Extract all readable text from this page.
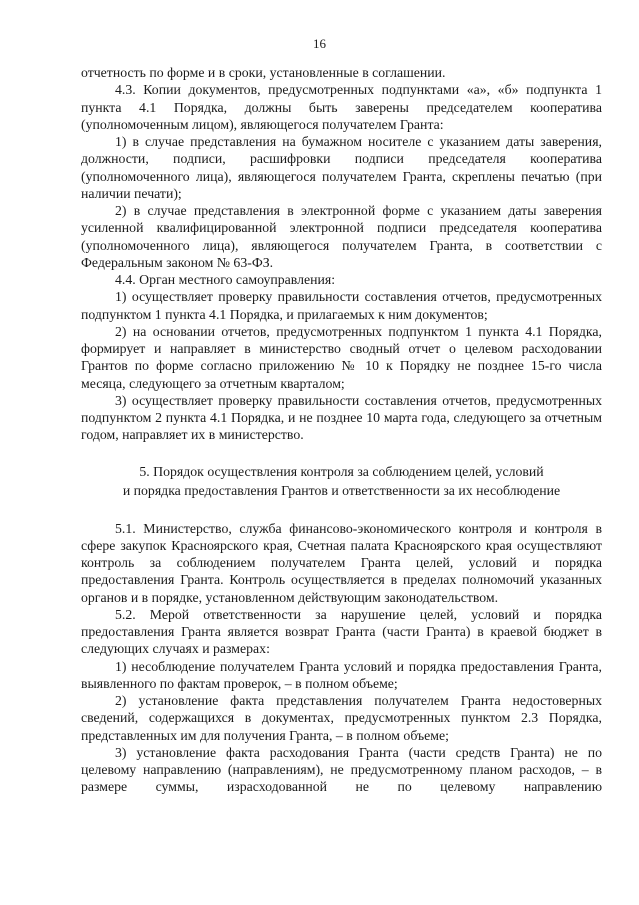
16

отчетность по форме и в сроки, установленные в соглашении.

4.3. Копии документов, предусмотренных подпунктами «а», «б» подпункта 1 пункта 4.1 Порядка, должны быть заверены председателем кооператива (уполномоченным лицом), являющегося получателем Гранта:

1) в случае представления на бумажном носителе с указанием даты заверения, должности, подписи, расшифровки подписи председателя кооператива (уполномоченного лица), являющегося получателем Гранта, скреплены печатью (при наличии печати);

2) в случае представления в электронной форме с указанием даты заверения усиленной квалифицированной электронной подписи председателя кооператива (уполномоченного лица), являющегося получателем Гранта, в соответствии с Федеральным законом № 63-ФЗ.

4.4. Орган местного самоуправления:

1) осуществляет проверку правильности составления отчетов, предусмотренных подпунктом 1 пункта 4.1 Порядка, и прилагаемых к ним документов;

2) на основании отчетов, предусмотренных подпунктом 1 пункта 4.1 Порядка, формирует и направляет в министерство сводный отчет о целевом расходовании Грантов по форме согласно приложению № 10 к Порядку не позднее 15-го числа месяца, следующего за отчетным кварталом;

3) осуществляет проверку правильности составления отчетов, предусмотренных подпунктом 2 пункта 4.1 Порядка, и не позднее 10 марта года, следующего за отчетным годом, направляет их в министерство.

5. Порядок осуществления контроля за соблюдением целей, условий

и порядка предоставления Грантов и ответственности за их несоблюдение

5.1. Министерство, служба финансово-экономического контроля и контроля в сфере закупок Красноярского края, Счетная палата Красноярского края осуществляют контроль за соблюдением получателем Гранта целей, условий и порядка предоставления Гранта. Контроль осуществляется в пределах полномочий указанных органов и в порядке, установленном действующим законодательством.

5.2. Мерой ответственности за нарушение целей, условий и порядка предоставления Гранта является возврат Гранта (части Гранта) в краевой бюджет в следующих случаях и размерах:

1) несоблюдение получателем Гранта условий и порядка предоставления Гранта, выявленного по фактам проверок, – в полном объеме;

2) установление факта представления получателем Гранта недостоверных сведений, содержащихся в документах, предусмотренных пунктом 2.3 Порядка, представленных им для получения Гранта, – в полном объеме;

3) установление факта расходования Гранта (части средств Гранта) не по целевому направлению (направлениям), не предусмотренному планом расходов, – в размере суммы, израсходованной не по целевому направлению
